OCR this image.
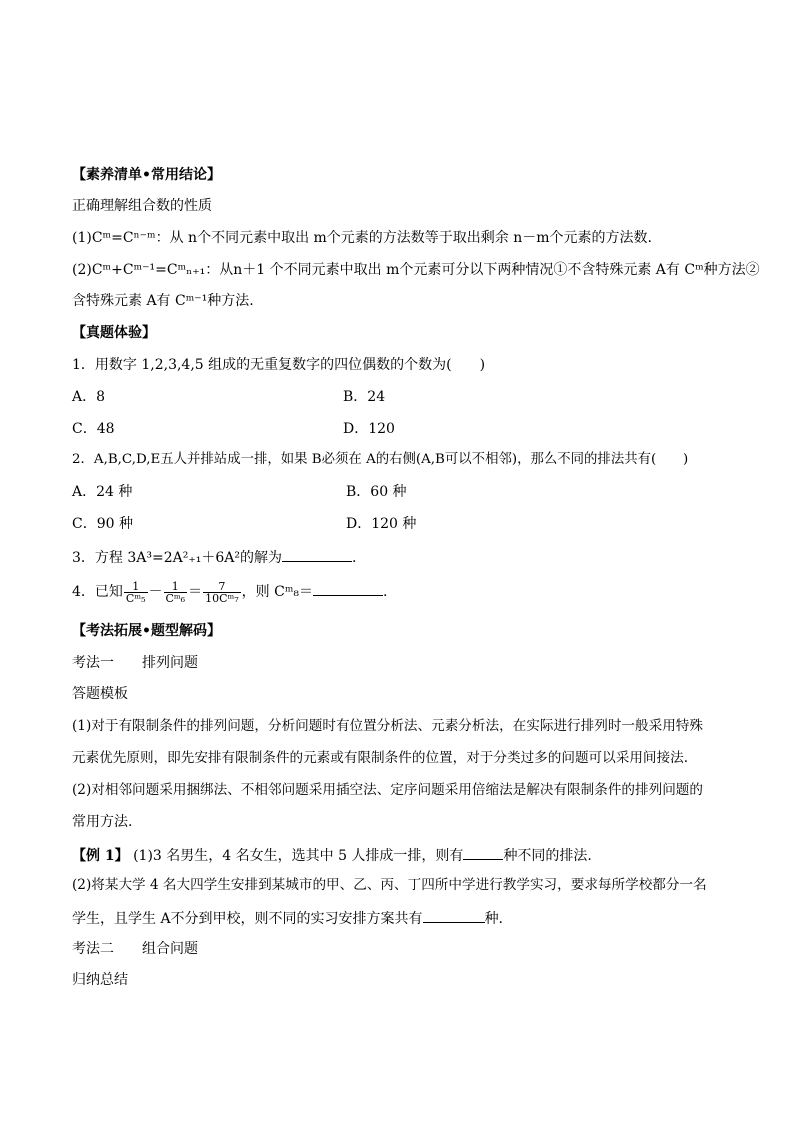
【素养清单•常用结论】
正确理解组合数的性质
(1)Cᵐ=Cⁿ⁻ᵐ：从 n个不同元素中取出 m个元素的方法数等于取出剩余 n－m个元素的方法数.
(2)Cᵐ+Cᵐ⁻¹=Cᵐₙ₊₁：从n＋1 个不同元素中取出 m个元素可分以下两种情况①不含特殊元素 A有 Cᵐ种方法②
含特殊元素 A有 Cᵐ⁻¹种方法.
【真题体验】
1．用数字 1,2,3,4,5 组成的无重复数字的四位偶数的个数为(　　)
A．8	B．24
C．48	D．120
2．A,B,C,D,E五人并排站成一排，如果 B必须在 A的右侧(A,B可以不相邻)，那么不同的排法共有(　　)
A．24 种	B．60 种
C．90 种	D．120 种
3．方程 3A³=2A²₊₁＋6A²的解为	.
4．已知 $\frac{1}{\text{Cᵐ₅}} - \frac{1}{\text{Cᵐ₆}} = \frac{7}{\text{10Cᵐ₇}}$ ，则 Cᵐ₈＝	.
【考法拓展•题型解码】
考法一　　排列问题
答题模板
(1)对于有限制条件的排列问题，分析问题时有位置分析法、元素分析法，在实际进行排列时一般采用特殊
元素优先原则，即先安排有限制条件的元素或有限制条件的位置，对于分类过多的问题可以采用间接法.
(2)对相邻问题采用捆绑法、不相邻问题采用插空法、定序问题采用倍缩法是解决有限制条件的排列问题的
常用方法.
【例 1】 (1)3 名男生，4 名女生，选其中 5 人排成一排，则有	种不同的排法.
(2)将某大学 4 名大四学生安排到某城市的甲、乙、丙、丁四所中学进行教学实习，要求每所学校都分一名
学生，且学生 A不分到甲校，则不同的实习安排方案共有	种.
考法二　　组合问题
归纳总结
